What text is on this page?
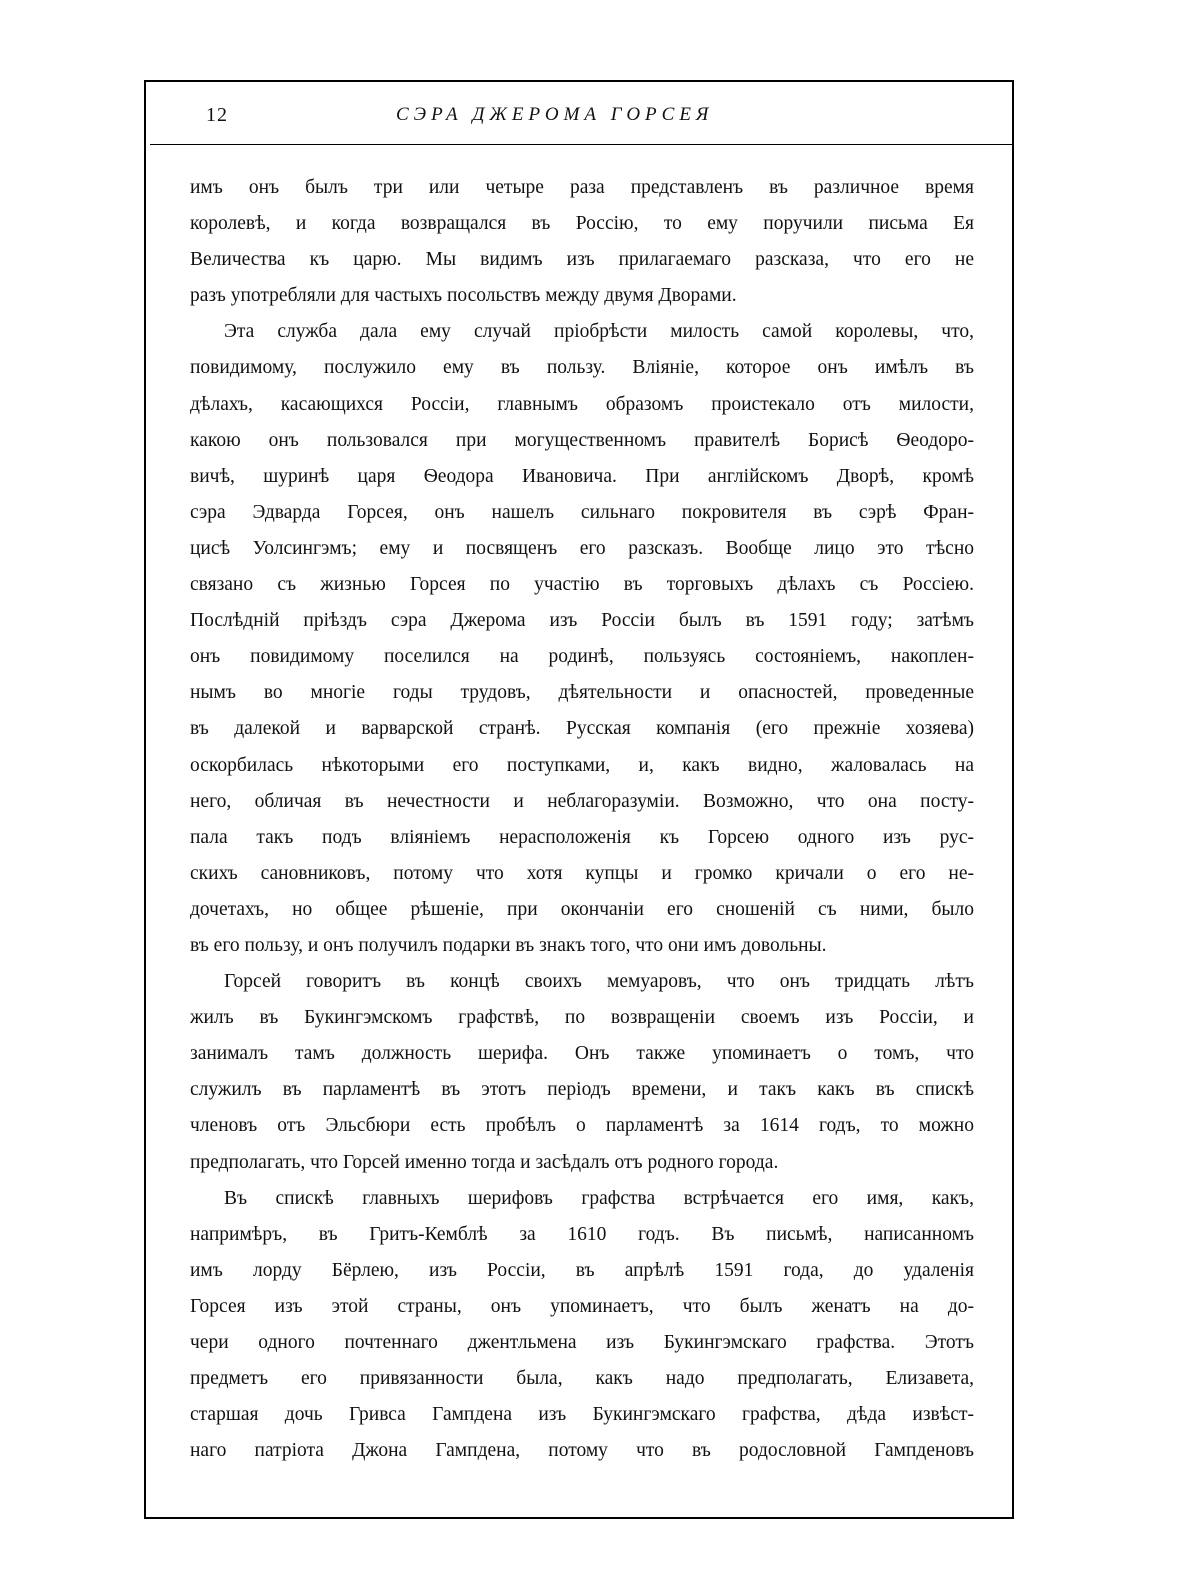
12	СЭРА ДЖЕРОМА ГОРСЕЯ

имъ онъ былъ три или четыре раза представленъ въ различное время
королевѣ, и когда возвращался въ Россію, то ему поручили письма Ея
Величества къ царю. Мы видимъ изъ прилагаемаго разсказа, что его не
разъ употребляли для частыхъ посольствъ между двумя Дворами.

Эта служба дала ему случай пріобрѣсти милость самой королевы, что,
повидимому, послужило ему въ пользу. Вліяніе, которое онъ имѣлъ въ
дѣлахъ, касающихся Россіи, главнымъ образомъ проистекало отъ милости,
какою онъ пользовался при могущественномъ правителѣ Борисѣ Ѳеодоро-
вичѣ, шуринѣ царя Ѳеодора Ивановича. При англійскомъ Дворѣ, кромѣ
сэра Эдварда Горсея, онъ нашелъ сильнаго покровителя въ сэрѣ Фран-
цисѣ Уолсингэмъ; ему и посвященъ его разсказъ. Вообще лицо это тѣсно
связано съ жизнью Горсея по участію въ торговыхъ дѣлахъ съ Россіею.
Послѣдній пріѣздъ сэра Джерома изъ Россіи былъ въ 1591 году; затѣмъ
онъ повидимому поселился на родинѣ, пользуясь состояніемъ, накоплен-
нымъ во многіе годы трудовъ, дѣятельности и опасностей, проведенные
въ далекой и варварской странѣ. Русская компанія (его прежніе хозяева)
оскорбилась нѣкоторыми его поступками, и, какъ видно, жаловалась на
него, обличая въ нечестности и неблагоразуміи. Возможно, что она посту-
пала такъ подъ вліяніемъ нерасположенія къ Горсею одного изъ рус-
скихъ сановниковъ, потому что хотя купцы и громко кричали о его не-
дочетахъ, но общее рѣшеніе, при окончаніи его сношеній съ ними, было
въ его пользу, и онъ получилъ подарки въ знакъ того, что они имъ довольны.

Горсей говоритъ въ концѣ своихъ мемуаровъ, что онъ тридцать лѣтъ
жилъ въ Букингэмскомъ графствѣ, по возвращеніи своемъ изъ Россіи, и
занималъ тамъ должность шерифа. Онъ также упоминаетъ о томъ, что
служилъ въ парламентѣ въ этотъ періодъ времени, и такъ какъ въ спискѣ
членовъ отъ Эльсбюри есть пробѣлъ о парламентѣ за 1614 годъ, то можно
предполагать, что Горсей именно тогда и засѣдалъ отъ родного города.

Въ спискѣ главныхъ шерифовъ графства встрѣчается его имя, какъ,
напримѣръ, въ Гритъ-Кемблѣ за 1610 годъ. Въ письмѣ, написанномъ
имъ лорду Бёрлею, изъ Россіи, въ апрѣлѣ 1591 года, до удаленія
Горсея изъ этой страны, онъ упоминаетъ, что былъ женатъ на до-
чери одного почтеннаго джентльмена изъ Букингэмскаго графства. Этотъ
предметъ его привязанности была, какъ надо предполагать, Елизавета,
старшая дочь Гривса Гампдена изъ Букингэмскаго графства, дѣда извѣст-
наго патріота Джона Гампдена, потому что въ родословной Гампденовъ
